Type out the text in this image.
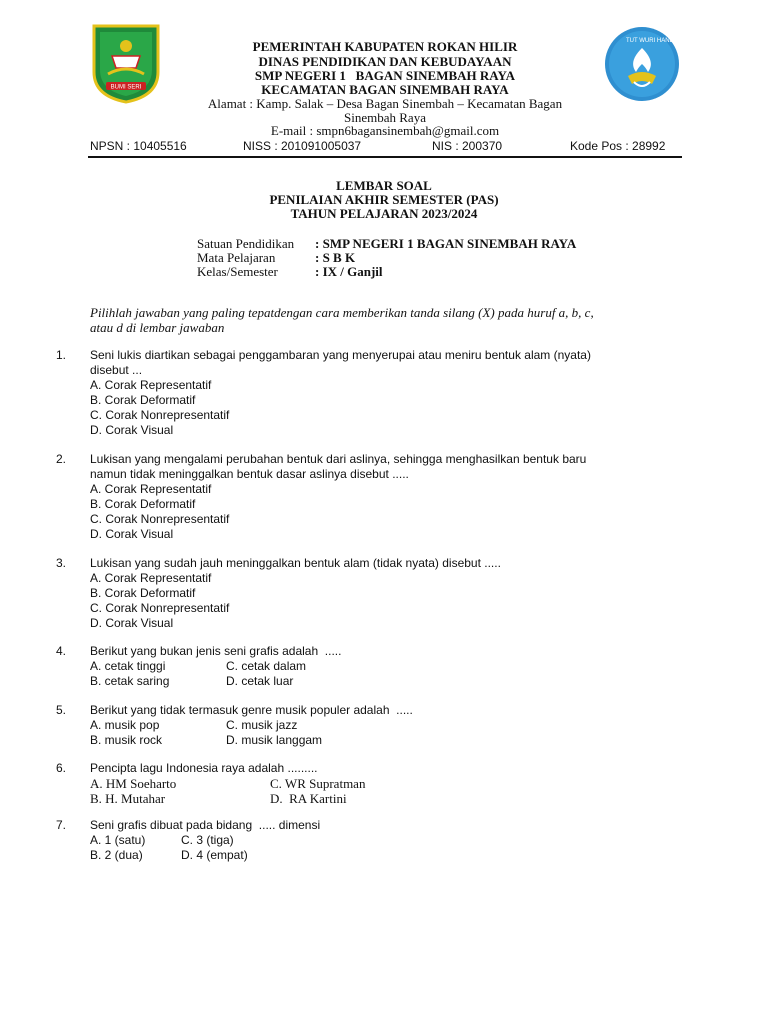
BUMI SERI
TUT WURI HANDAYANI
PEMERINTAH KABUPATEN ROKAN HILIR
DINAS PENDIDIKAN DAN KEBUDAYAAN
SMP NEGERI 1   BAGAN SINEMBAH RAYA
KECAMATAN BAGAN SINEMBAH RAYA
Alamat : Kamp. Salak – Desa Bagan Sinembah – Kecamatan Bagan
Sinembah Raya
E-mail : smpn6bagansinembah@gmail.com
NPSN : 10405516	NISS : 201091005037	NIS : 200370	Kode Pos : 28992
LEMBAR SOAL
PENILAIAN AKHIR SEMESTER (PAS)
TAHUN PELAJARAN 2023/2024
Satuan Pendidikan : SMP NEGERI 1 BAGAN SINEMBAH RAYA
Mata Pelajaran	: S B K
Kelas/Semester	: IX / Ganjil
Pilihlah jawaban yang paling tepatdengan cara memberikan tanda silang (X) pada huruf a, b, c,
atau d di lembar jawaban
1. Seni lukis diartikan sebagai penggambaran yang menyerupai atau meniru bentuk alam (nyata)
disebut ...
A. Corak Representatif
B. Corak Deformatif
C. Corak Nonrepresentatif
D. Corak Visual
2. Lukisan yang mengalami perubahan bentuk dari aslinya, sehingga menghasilkan bentuk baru
namun tidak meninggalkan bentuk dasar aslinya disebut .....
A. Corak Representatif
B. Corak Deformatif
C. Corak Nonrepresentatif
D. Corak Visual
3. Lukisan yang sudah jauh meninggalkan bentuk alam (tidak nyata) disebut .....
A. Corak Representatif
B. Corak Deformatif
C. Corak Nonrepresentatif
D. Corak Visual
4. Berikut yang bukan jenis seni grafis adalah  .....
A. cetak tinggi	C. cetak dalam
B. cetak saring	D. cetak luar
5. Berikut yang tidak termasuk genre musik populer adalah  .....
A. musik pop	C. musik jazz
B. musik rock	D. musik langgam
6. Pencipta lagu Indonesia raya adalah .........
A. HM Soeharto	C. WR Supratman
B. H. Mutahar	D.  RA Kartini
7. Seni grafis dibuat pada bidang  ..... dimensi
A. 1 (satu)	C. 3 (tiga)
B. 2 (dua)	D. 4 (empat)
